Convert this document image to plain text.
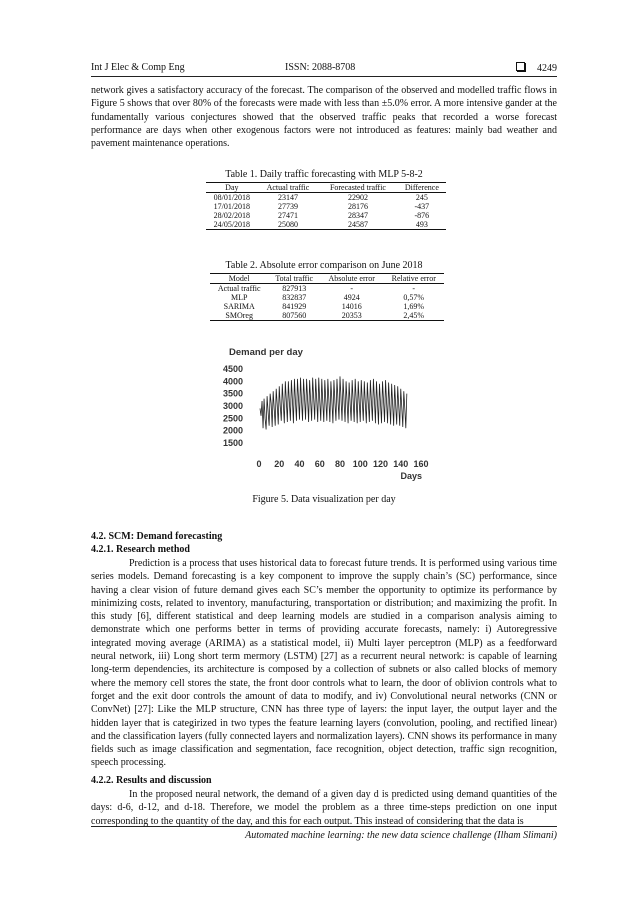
Int J Elec & Comp Eng	ISSN: 2088-8708	4249

network gives a satisfactory accuracy of the forecast. The comparison of the observed and modelled traffic flows in Figure 5 shows that over 80% of the forecasts were made with less than ±5.0% error. A more intensive gander at the fundamentally various conjectures showed that the observed traffic peaks that recorded a worse forecast performance are days when other exogenous factors were not introduced as features: mainly bad weather and pavement maintenance operations.

Table 1. Daily traffic forecasting with MLP 5-8-2
Day	Actual traffic	Forecasted traffic	Difference
08/01/2018	23147	22902	245
17/01/2018	27739	28176	-437
28/02/2018	27471	28347	-876
24/05/2018	25080	24587	493
Table 2. Absolute error comparison on June 2018
Model	Total traffic	Absolute error	Relative error
Actual traffic	827913	-	-
MLP	832837	4924	0,57%
SARIMA	841929	14016	1,69%
SMOreg	807560	20353	2,45%
Demand per day
4500
4000
3500
3000
2500
2000
1500
0 20 40 60 80 100 120 140 160
Days
Figure 5. Data visualization per day
4.2. SCM: Demand forecasting
4.2.1. Research method

Prediction is a process that uses historical data to forecast future trends. It is performed using various time series models. Demand forecasting is a key component to improve the supply chain’s (SC) performance, since having a clear vision of future demand gives each SC’s member the opportunity to optimize its performance by minimizing costs, related to inventory, manufacturing, transportation or distribution; and maximizing the profit. In this study [6], different statistical and deep learning models are studied in a comparison analysis aiming to demonstrate which one performs better in terms of providing accurate forecasts, namely: i) Autoregressive integrated moving average (ARIMA) as a statistical model, ii) Multi layer perceptron (MLP) as a feedforward neural network, iii) Long short term mermory (LSTM) [27] as a recurrent neural network: is capable of learning long-term dependencies, its architecture is composed by a collection of subnets or also called blocks of memory where the memory cell stores the state, the front door controls what to learn, the door of oblivion controls what to forget and the exit door controls the amount of data to modify, and iv) Convolutional neural networks (CNN or ConvNet) [27]: Like the MLP structure, CNN has three type of layers: the input layer, the output layer and the hidden layer that is categirized in two types the feature learning layers (convolution, pooling, and rectified linear) and the classification layers (fully connected layers and normalization layers). CNN shows its performance in many fields such as image classification and segmentation, face recognition, object detection, traffic sign recognition, speech processing.

4.2.2. Results and discussion

In the proposed neural network, the demand of a given day d is predicted using demand quantities of the days: d-6, d-12, and d-18. Therefore, we model the problem as a three time-steps prediction on one input corresponding to the quantity of the day, and this for each output. This instead of considering that the data is

Automated machine learning: the new data science challenge (Ilham Slimani)
